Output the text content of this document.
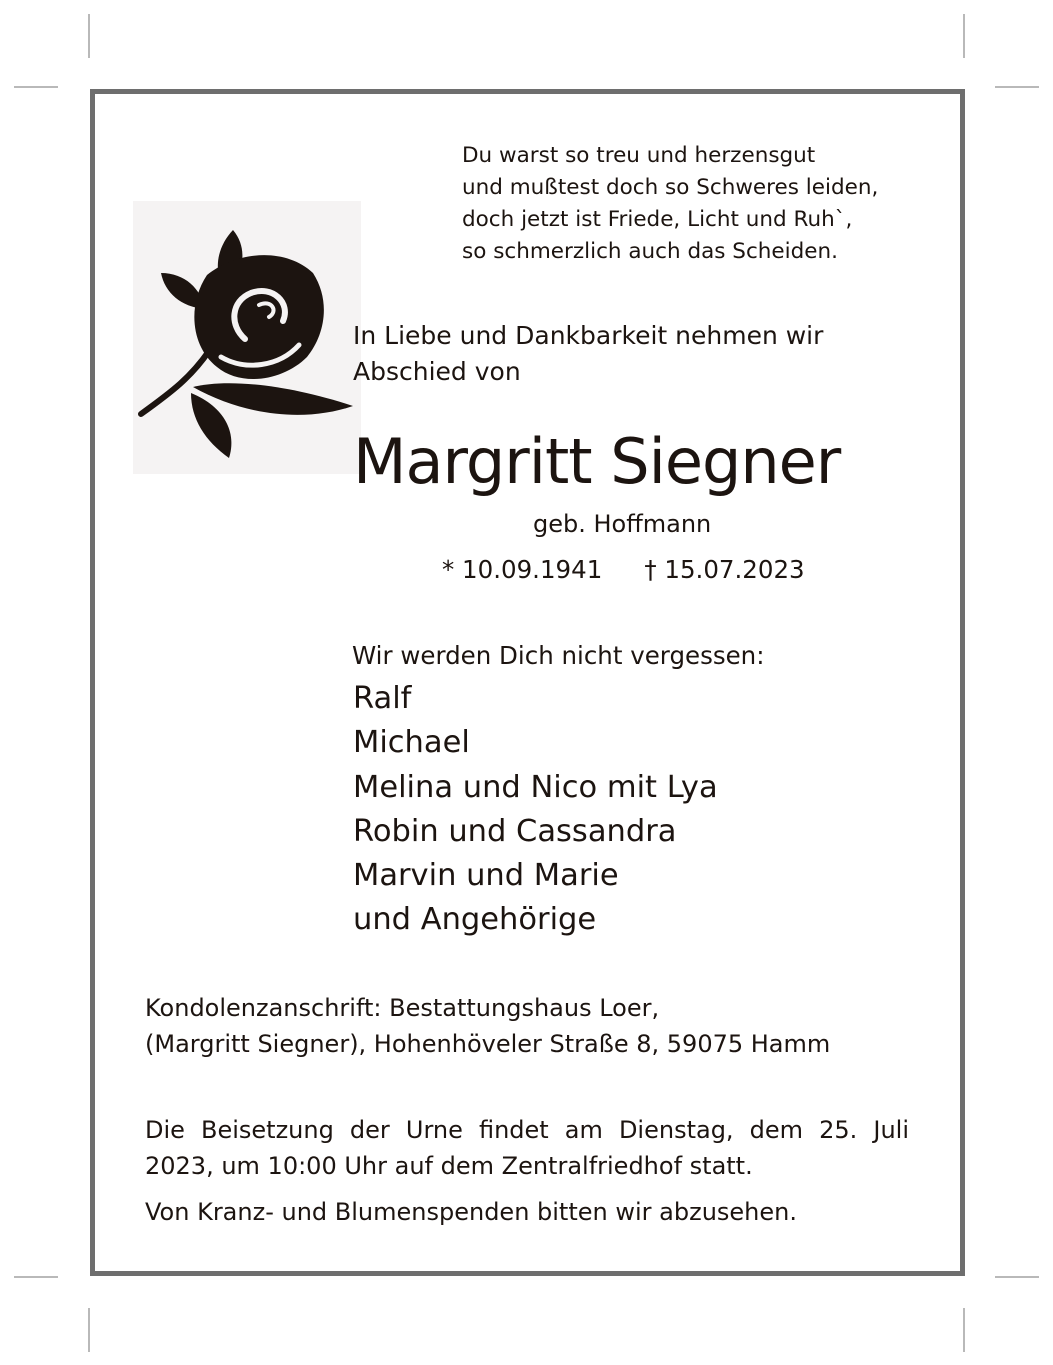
Du warst so treu und herzensgut
und mußtest doch so Schweres leiden,
doch jetzt ist Friede, Licht und Ruh`,
so schmerzlich auch das Scheiden.
In Liebe und Dankbarkeit nehmen wir
Abschied von
Margritt Siegner
geb. Hoffmann
* 10.09.1941 † 15.07.2023
Wir werden Dich nicht vergessen:
Ralf
Michael
Melina und Nico mit Lya
Robin und Cassandra
Marvin und Marie
und Angehörige
Kondolenzanschrift: Bestattungshaus Loer,
(Margritt Siegner), Hohenhöveler Straße 8, 59075 Hamm
Die Beisetzung der Urne findet am Dienstag, dem 25. Juli 2023, um 10:00 Uhr auf dem Zentralfriedhof statt.
Von Kranz- und Blumenspenden bitten wir abzusehen.
